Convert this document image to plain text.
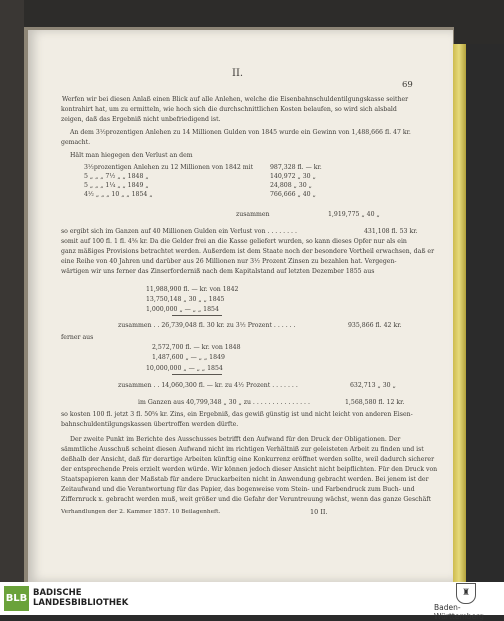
II.
69
Werfen wir bei diesen Anlaß einen Blick auf alle Anlehen, welche die Eisenbahnschuldentilgungskasse seither
kontrahirt hat, um zu ermitteln, wie hoch sich die durchschnittlichen Kosten belaufen, so wird sich alsbald
zeigen, daß das Ergebniß nicht unbefriedigend ist.
An dem 3½prozentigen Anlehen zu 14 Millionen Gulden von 1845 wurde ein Gewinn von 1,488,666 fl. 47 kr.
gemacht.
Hält man hiegegen den Verlust an dem
3½prozentigen Anlehen zu 12 Millionen von 1842 mit	987,328 fl. — kr.
5 „ „ „ 7½ „ „ 1848 „	140,972 „ 30 „
5 „ „ „ 1¼ „ „ 1849 „	24,808 „ 30 „
4½ „ „ „ 10 „ „ 1854 „	766,666 „ 40 „
zusammen	1,919,775 „ 40 „
so ergibt sich im Ganzen auf 40 Millionen Gulden ein Verlust von . . . . . . . .	431,108 fl. 53 kr.
somit auf 100 fl. 1 fl. 4⅝ kr. Da die Gelder frei an die Kasse geliefert wurden, so kann dieses Opfer nur als ein
ganz mäßiges Provisions betrachtet werden. Außerdem ist dem Staate noch der besondere Vortheil erwachsen, daß er
eine Reihe von 40 Jahren und darüber aus 26 Millionen nur 3½ Prozent Zinsen zu bezahlen hat. Vergegen-
wärtigen wir uns ferner das Zinserforderniß nach dem Kapitalstand auf letzten Dezember 1855 aus
11,988,900 fl. — kr. von 1842
13,750,148 „ 30 „ „ 1845
1,000,000 „ — „ „ 1854
zusammen . . 26,739,048 fl. 30 kr. zu 3½ Prozent . . . . . .	935,866 fl. 42 kr.
ferner aus
2,572,700 fl. — kr. von 1848
1,487,600 „ — „ „ 1849
10,000,000 „ — „ „ 1854
zusammen . . 14,060,300 fl. — kr. zu 4½ Prozent . . . . . . .	632,713 „ 30 „
im Ganzen aus 40,799,348 „ 30 „ zu . . . . . . . . . . . . . . .	1,568,580 fl. 12 kr.
so kosten 100 fl. jetzt 3 fl. 50⅝ kr. Zins, ein Ergebniß, das gewiß günstig ist und nicht leicht von anderen Eisen-
bahnschuldentilgungskassen übertroffen werden dürfte.
Der zweite Punkt im Berichte des Ausschusses betrifft den Aufwand für den Druck der Obligationen. Der
sämmtliche Ausschuß scheint diesen Aufwand nicht im richtigen Verhältniß zur geleisteten Arbeit zu finden und ist
deßhalb der Ansicht, daß für derartige Arbeiten künftig eine Konkurrenz eröffnet werden sollte, weil dadurch sicherer
der entsprechende Preis erzielt werden würde. Wir können jedoch dieser Ansicht nicht beipflichten. Für den Druck von
Staatspapieren kann der Maßstab für andere Druckarbeiten nicht in Anwendung gebracht werden. Bei jenem ist der
Zeitaufwand und die Verantwortung für das Papier, das bogenweise vom Stein- und Farbendruck zum Buch- und
Ziffernruck x. gebracht werden muß, weit größer und die Gefahr der Veruntreuung wächst, wenn das ganze Geschäft
Verhandlungen der 2. Kammer 1857. 10 Beilagenheft.	10 II.
BLB BADISCHE
LANDESBIBLIOTHEK
♜
Baden-Württemberg
